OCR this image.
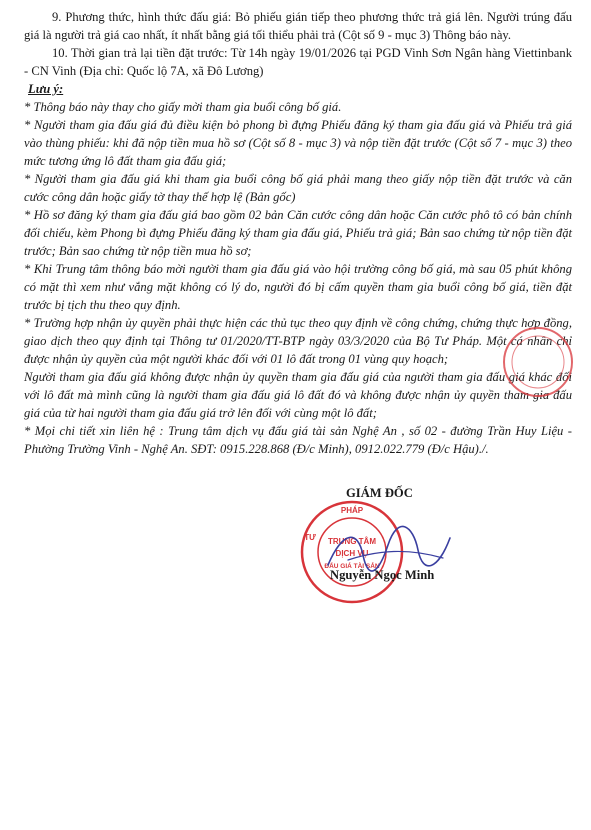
9. Phương thức, hình thức đấu giá: Bỏ phiếu gián tiếp theo phương thức trả giá lên. Người trúng đấu giá là người trả giá cao nhất, ít nhất bằng giá tối thiểu phải trả (Cột số 9 - mục 3) Thông báo này.

10. Thời gian trả lại tiền đặt trước: Từ 14h ngày 19/01/2026 tại PGD Vinh Sơn Ngân hàng Viettinbank - CN Vinh (Địa chỉ: Quốc lộ 7A, xã Đô Lương)

Lưu ý:

* Thông báo này thay cho giấy mời tham gia buổi công bố giá.

* Người tham gia đấu giá đủ điều kiện bỏ phong bì đựng Phiếu đăng ký tham gia đấu giá và Phiếu trả giá vào thùng phiếu: khi đã nộp tiền mua hồ sơ (Cột số 8 - mục 3) và nộp tiền đặt trước (Cột số 7 - mục 3) theo mức tương ứng lô đất tham gia đấu giá;

* Người tham gia đấu giá khi tham gia buổi công bố giá phải mang theo giấy nộp tiền đặt trước và căn cước công dân hoặc giấy tờ thay thế hợp lệ (Bản gốc)

* Hồ sơ đăng ký tham gia đấu giá bao gồm 02 bản Căn cước công dân hoặc Căn cước phô tô có bản chính đối chiếu, kèm Phong bì đựng Phiếu đăng ký tham gia đấu giá, Phiếu trả giá; Bản sao chứng từ nộp tiền đặt trước; Bản sao chứng từ nộp tiền mua hồ sơ;

* Khi Trung tâm thông báo mời người tham gia đấu giá vào hội trường công bố giá, mà sau 05 phút không có mặt thì xem như vắng mặt không có lý do, người đó bị cấm quyền tham gia buổi công bố giá, tiền đặt trước bị tịch thu theo quy định.

* Trường hợp nhận ủy quyền phải thực hiện các thủ tục theo quy định về công chứng, chứng thực hợp đồng, giao dịch theo quy định tại Thông tư 01/2020/TT-BTP ngày 03/3/2020 của Bộ Tư Pháp. Một cá nhân chỉ được nhận ủy quyền của một người khác đối với 01 lô đất trong 01 vùng quy hoạch;

Người tham gia đấu giá không được nhận ủy quyền tham gia đấu giá của người tham gia đấu giá khác đối với lô đất mà mình cũng là người tham gia đấu giá lô đất đó và không được nhận ủy quyền tham gia đấu giá của từ hai người tham gia đấu giá trở lên đối với cùng một lô đất;

* Mọi chi tiết xin liên hệ : Trung tâm dịch vụ đấu giá tài sản Nghệ An , số 02 - đường Trần Huy Liệu - Phường Trường Vinh - Nghệ An. SĐT: 0915.228.868 (Đ/c Minh), 0912.022.779 (Đ/c Hậu)./.

GIÁM ĐỐC
PHÁP
TƯ TRUNG TÂM
DỊCH VỤ
ĐẤU GIÁ TÀI SẢN
Nguyễn Ngọc Minh
